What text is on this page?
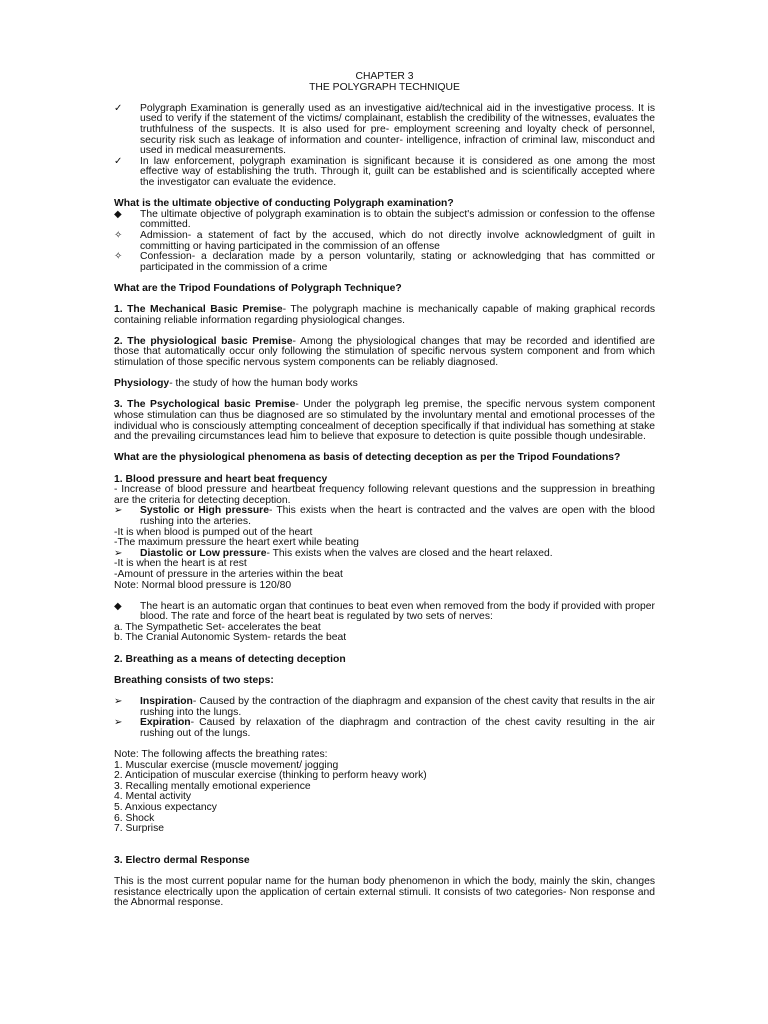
CHAPTER 3
THE POLYGRAPH TECHNIQUE
✓	Polygraph Examination is generally used as an investigative aid/technical aid in the investigative process. It is used to verify if the statement of the victims/ complainant, establish the credibility of the witnesses, evaluates the truthfulness of the suspects. It is also used for pre- employment screening and loyalty check of personnel, security risk such as leakage of information and counter- intelligence, infraction of criminal law, misconduct and used in medical measurements.

✓	In law enforcement, polygraph examination is significant because it is considered as one among the most effective way of establishing the truth. Through it, guilt can be established and is scientifically accepted where the investigator can evaluate the evidence.

What is the ultimate objective of conducting Polygraph examination?

◆	The ultimate objective of polygraph examination is to obtain the subject's admission or confession to the offense committed.

✧	Admission- a statement of fact by the accused, which do not directly involve acknowledgment of guilt in committing or having participated in the commission of an offense

✧	Confession- a declaration made by a person voluntarily, stating or acknowledging that has committed or participated in the commission of a crime

What are the Tripod Foundations of Polygraph Technique?

1. The Mechanical Basic Premise- The polygraph machine is mechanically capable of making graphical records containing reliable information regarding physiological changes.

2. The physiological basic Premise- Among the physiological changes that may be recorded and identified are those that automatically occur only following the stimulation of specific nervous system component and from which stimulation of those specific nervous system components can be reliably diagnosed.

Physiology- the study of how the human body works

3. The Psychological basic Premise- Under the polygraph leg premise, the specific nervous system component whose stimulation can thus be diagnosed are so stimulated by the involuntary mental and emotional processes of the individual who is consciously attempting concealment of deception specifically if that individual has something at stake and the prevailing circumstances lead him to believe that exposure to detection is quite possible though undesirable.

What are the physiological phenomena as basis of detecting deception as per the Tripod Foundations?

1. Blood pressure and heart beat frequency

- Increase of blood pressure and heartbeat frequency following relevant questions and the suppression in breathing are the criteria for detecting deception.

➢	Systolic or High pressure- This exists when the heart is contracted and the valves are open with the blood rushing into the arteries.

-It is when blood is pumped out of the heart

-The maximum pressure the heart exert while beating

➢	Diastolic or Low pressure- This exists when the valves are closed and the heart relaxed.

-It is when the heart is at rest

-Amount of pressure in the arteries within the beat

Note: Normal blood pressure is 120/80

◆	The heart is an automatic organ that continues to beat even when removed from the body if provided with proper blood. The rate and force of the heart beat is regulated by two sets of nerves:

a. The Sympathetic Set- accelerates the beat

b. The Cranial Autonomic System- retards the beat

2. Breathing as a means of detecting deception

Breathing consists of two steps:

➢	Inspiration- Caused by the contraction of the diaphragm and expansion of the chest cavity that results in the air rushing into the lungs.

➢	Expiration- Caused by relaxation of the diaphragm and contraction of the chest cavity resulting in the air rushing out of the lungs.

Note: The following affects the breathing rates:

1. Muscular exercise (muscle movement/ jogging

2. Anticipation of muscular exercise (thinking to perform heavy work)

3. Recalling mentally emotional experience

4. Mental activity

5. Anxious expectancy

6. Shock

7. Surprise

3. Electro dermal Response

This is the most current popular name for the human body phenomenon in which the body, mainly the skin, changes resistance electrically upon the application of certain external stimuli. It consists of two categories- Non response and the Abnormal response.
